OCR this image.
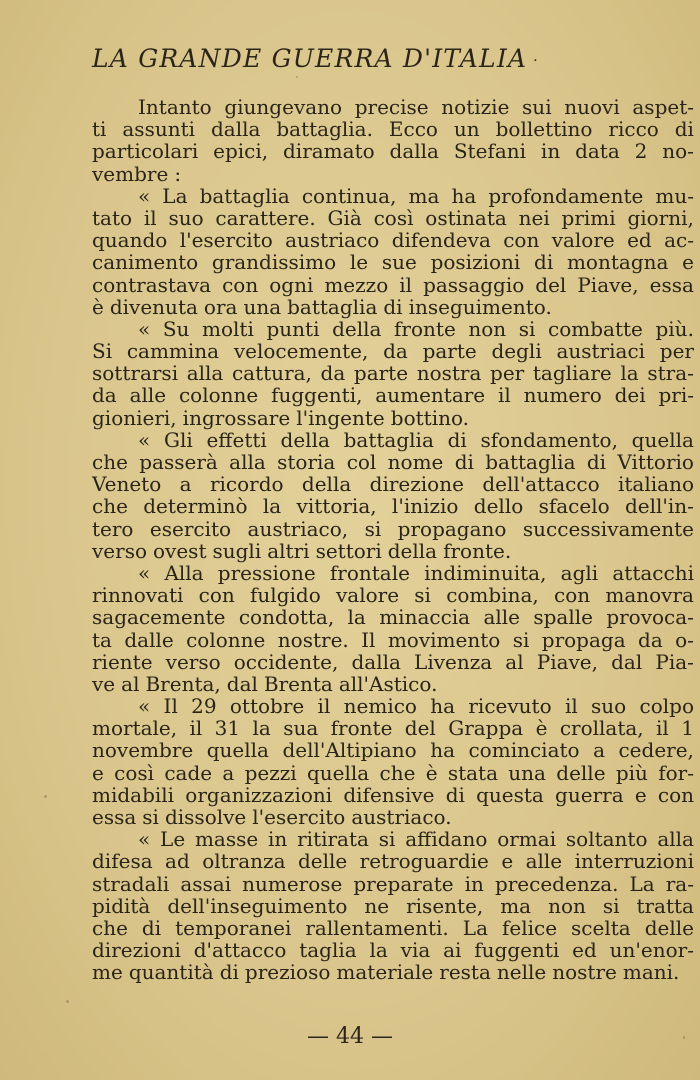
LA GRANDE GUERRA D'ITALIA ·
Intanto giungevano precise notizie sui nuovi aspet-
ti assunti dalla battaglia. Ecco un bollettino ricco di
particolari epici, diramato dalla Stefani in data 2 no-
vembre :
« La battaglia continua, ma ha profondamente mu-
tato il suo carattere. Già così ostinata nei primi giorni,
quando l'esercito austriaco difendeva con valore ed ac-
canimento grandissimo le sue posizioni di montagna e
contrastava con ogni mezzo il passaggio del Piave, essa
è divenuta ora una battaglia di inseguimento.
« Su molti punti della fronte non si combatte più.
Si cammina velocemente, da parte degli austriaci per
sottrarsi alla cattura, da parte nostra per tagliare la stra-
da alle colonne fuggenti, aumentare il numero dei pri-
gionieri, ingrossare l'ingente bottino.
« Gli effetti della battaglia di sfondamento, quella
che passerà alla storia col nome di battaglia di Vittorio
Veneto a ricordo della direzione dell'attacco italiano
che determinò la vittoria, l'inizio dello sfacelo dell'in-
tero esercito austriaco, si propagano successivamente
verso ovest sugli altri settori della fronte.
« Alla pressione frontale indiminuita, agli attacchi
rinnovati con fulgido valore si combina, con manovra
sagacemente condotta, la minaccia alle spalle provoca-
ta dalle colonne nostre. Il movimento si propaga da o-
riente verso occidente, dalla Livenza al Piave, dal Pia-
ve al Brenta, dal Brenta all'Astico.
« Il 29 ottobre il nemico ha ricevuto il suo colpo
mortale, il 31 la sua fronte del Grappa è crollata, il 1
novembre quella dell'Altipiano ha cominciato a cedere,
e così cade a pezzi quella che è stata una delle più for-
midabili organizzazioni difensive di questa guerra e con
essa si dissolve l'esercito austriaco.
« Le masse in ritirata si affidano ormai soltanto alla
difesa ad oltranza delle retroguardie e alle interruzioni
stradali assai numerose preparate in precedenza. La ra-
pidità dell'inseguimento ne risente, ma non si tratta
che di temporanei rallentamenti. La felice scelta delle
direzioni d'attacco taglia la via ai fuggenti ed un'enor-
me quantità di prezioso materiale resta nelle nostre mani.
— 44 —
